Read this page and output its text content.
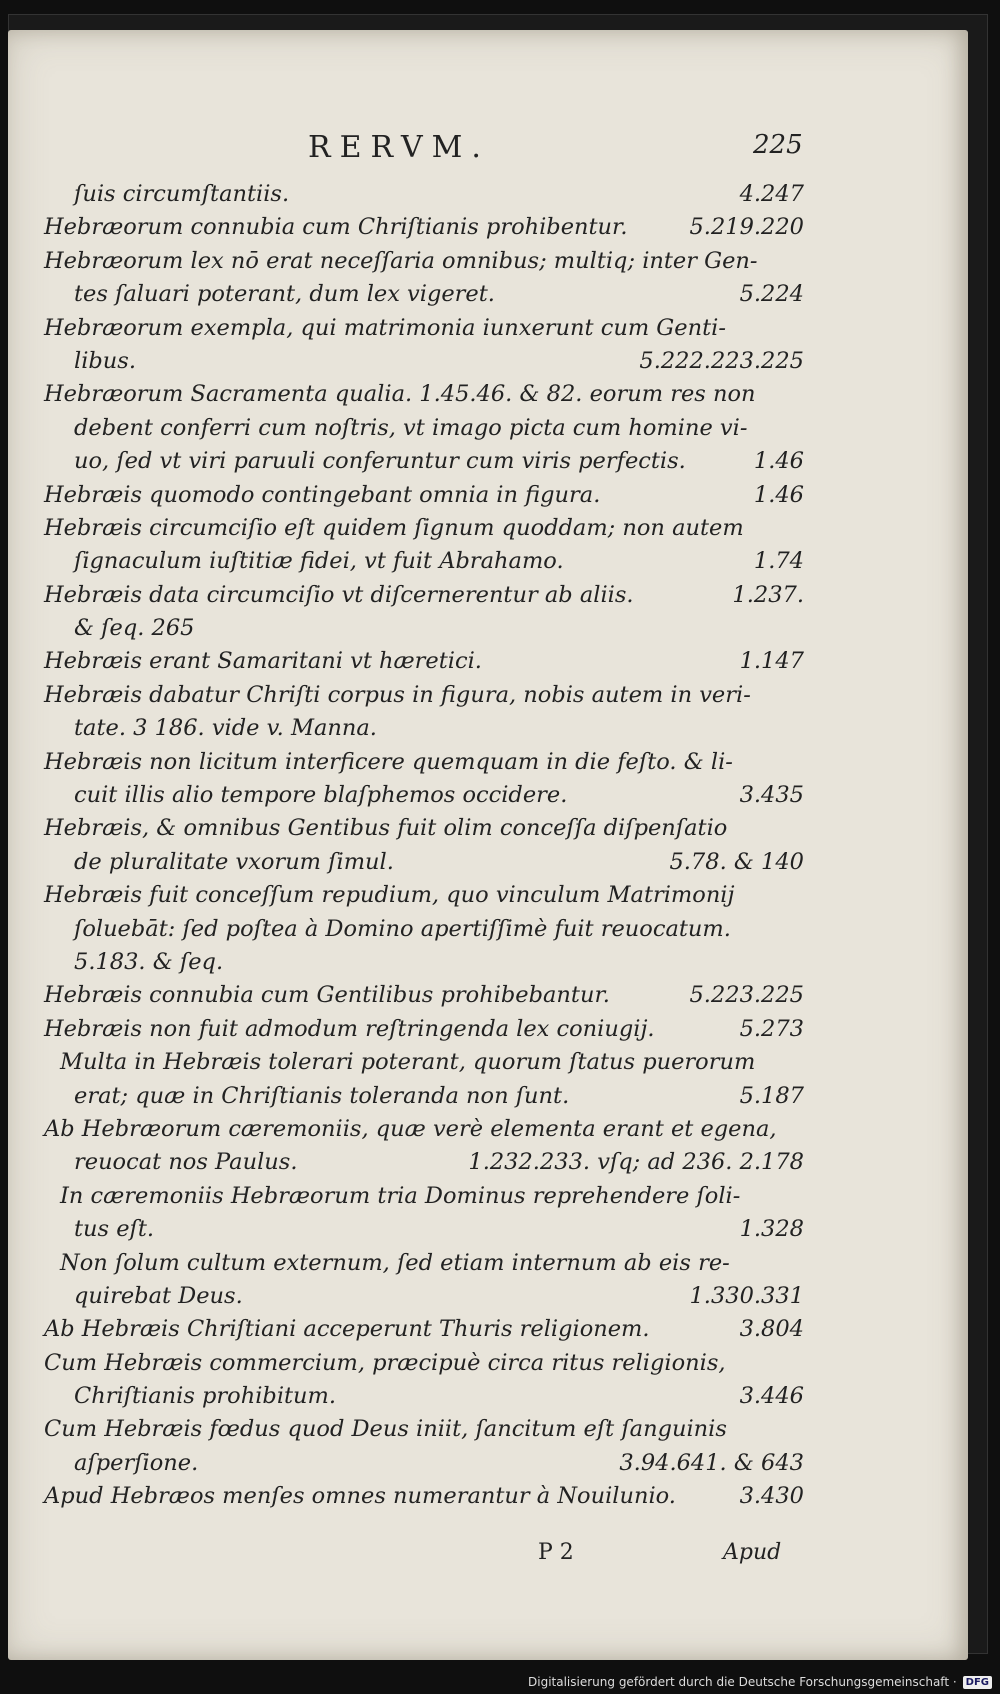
RERVM.	225
ſuis circumſtantiis.	4.247
Hebræorum connubia cum Chriſtianis prohibentur.	5.219.220
Hebræorum lex nō erat neceſſaria omnibus; multiq; inter Gen-
tes ſaluari poterant, dum lex vigeret.	5.224
Hebræorum exempla, qui matrimonia iunxerunt cum Genti-
libus.	5.222.223.225
Hebræorum Sacramenta qualia. 1.45.46. & 82. eorum res non
debent conferri cum noſtris, vt imago picta cum homine vi-
uo, ſed vt viri paruuli conferuntur cum viris perfectis.	1.46
Hebræis quomodo contingebant omnia in figura.	1.46
Hebræis circumciſio eſt quidem ſignum quoddam; non autem
ſignaculum iuſtitiæ fidei, vt fuit Abrahamo.	1.74
Hebræis data circumciſio vt diſcernerentur ab aliis.	1.237.
& ſeq. 265
Hebræis erant Samaritani vt hæretici.	1.147
Hebræis dabatur Chriſti corpus in figura, nobis autem in veri-
tate. 3 186. vide v. Manna.
Hebræis non licitum interficere quemquam in die feſto. & li-
cuit illis alio tempore blaſphemos occidere.	3.435
Hebræis, & omnibus Gentibus fuit olim conceſſa diſpenſatio
de pluralitate vxorum ſimul.	5.78. & 140
Hebræis fuit conceſſum repudium, quo vinculum Matrimonij
ſoluebāt: ſed poſtea à Domino apertiſſimè fuit reuocatum.
5.183. & ſeq.
Hebræis connubia cum Gentilibus prohibebantur.	5.223.225
Hebræis non fuit admodum reſtringenda lex coniugij.	5.273
Multa in Hebræis tolerari poterant, quorum ſtatus puerorum
erat; quæ in Chriſtianis toleranda non ſunt.	5.187
Ab Hebræorum cæremoniis, quæ verè elementa erant et egena,
reuocat nos Paulus.	1.232.233. vſq; ad 236. 2.178
In cæremoniis Hebræorum tria Dominus reprehendere ſoli-
tus eſt.	1.328
Non ſolum cultum externum, ſed etiam internum ab eis re-
quirebat Deus.	1.330.331
Ab Hebræis Chriſtiani acceperunt Thuris religionem.	3.804
Cum Hebræis commercium, præcipuè circa ritus religionis,
Chriſtianis prohibitum.	3.446
Cum Hebræis fœdus quod Deus iniit, ſancitum eſt ſanguinis
aſperſione.	3.94.641. & 643
Apud Hebræos menſes omnes numerantur à Nouilunio.	3.430
P 2	Apud
Digitalisierung gefördert durch die Deutsche Forschungsgemeinschaft · DFG
